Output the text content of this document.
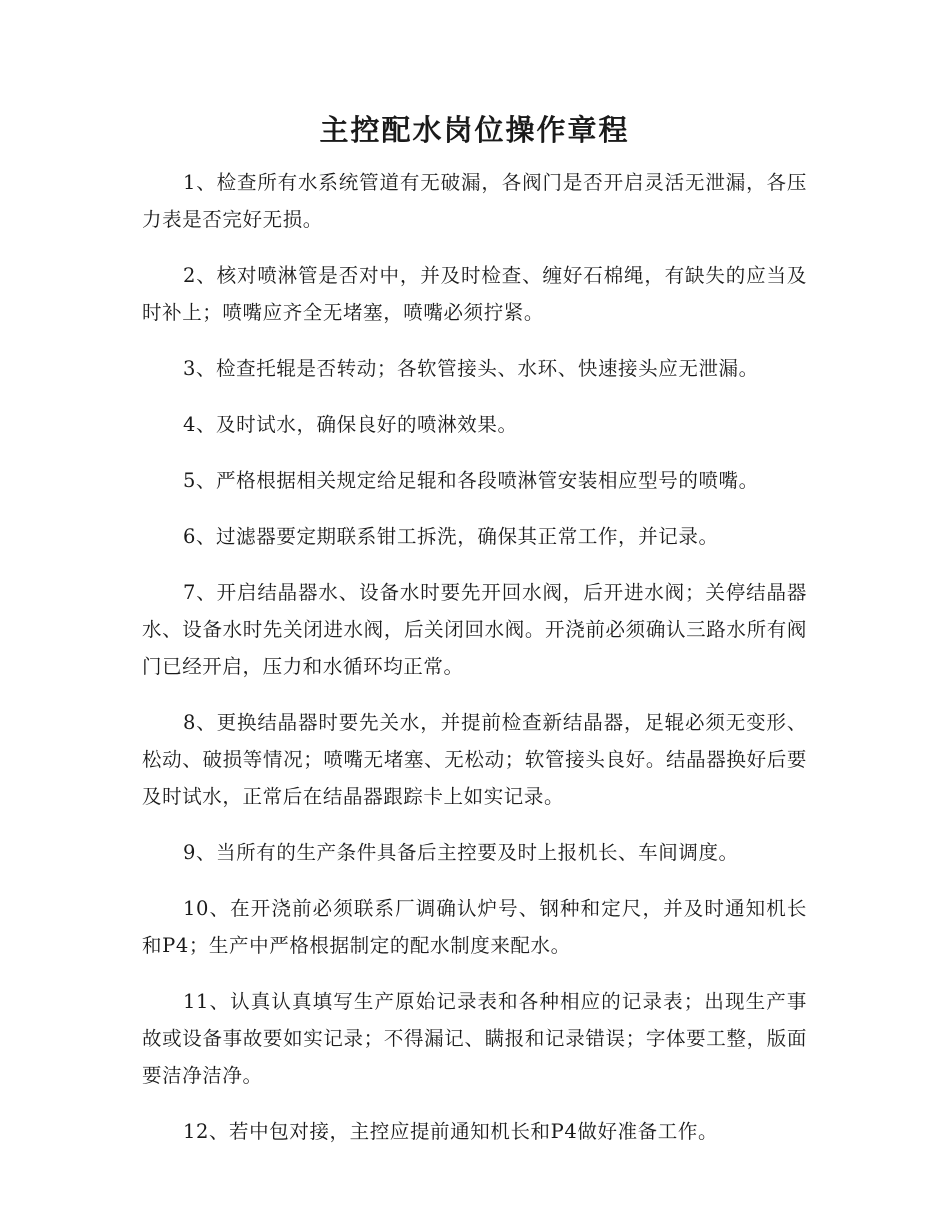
主控配水岗位操作章程

1、检查所有水系统管道有无破漏，各阀门是否开启灵活无泄漏，各压力表是否完好无损。

2、核对喷淋管是否对中，并及时检查、缠好石棉绳，有缺失的应当及时补上；喷嘴应齐全无堵塞，喷嘴必须拧紧。

3、检查托辊是否转动；各软管接头、水环、快速接头应无泄漏。

4、及时试水，确保良好的喷淋效果。

5、严格根据相关规定给足辊和各段喷淋管安装相应型号的喷嘴。

6、过滤器要定期联系钳工拆洗，确保其正常工作，并记录。

7、开启结晶器水、设备水时要先开回水阀，后开进水阀；关停结晶器水、设备水时先关闭进水阀，后关闭回水阀。开浇前必须确认三路水所有阀门已经开启，压力和水循环均正常。

8、更换结晶器时要先关水，并提前检查新结晶器，足辊必须无变形、松动、破损等情况；喷嘴无堵塞、无松动；软管接头良好。结晶器换好后要及时试水，正常后在结晶器跟踪卡上如实记录。

9、当所有的生产条件具备后主控要及时上报机长、车间调度。

10、在开浇前必须联系厂调确认炉号、钢种和定尺，并及时通知机长和P4；生产中严格根据制定的配水制度来配水。

11、认真认真填写生产原始记录表和各种相应的记录表；出现生产事故或设备事故要如实记录；不得漏记、瞒报和记录错误；字体要工整，版面要洁净洁净。

12、若中包对接，主控应提前通知机长和P4做好准备工作。
